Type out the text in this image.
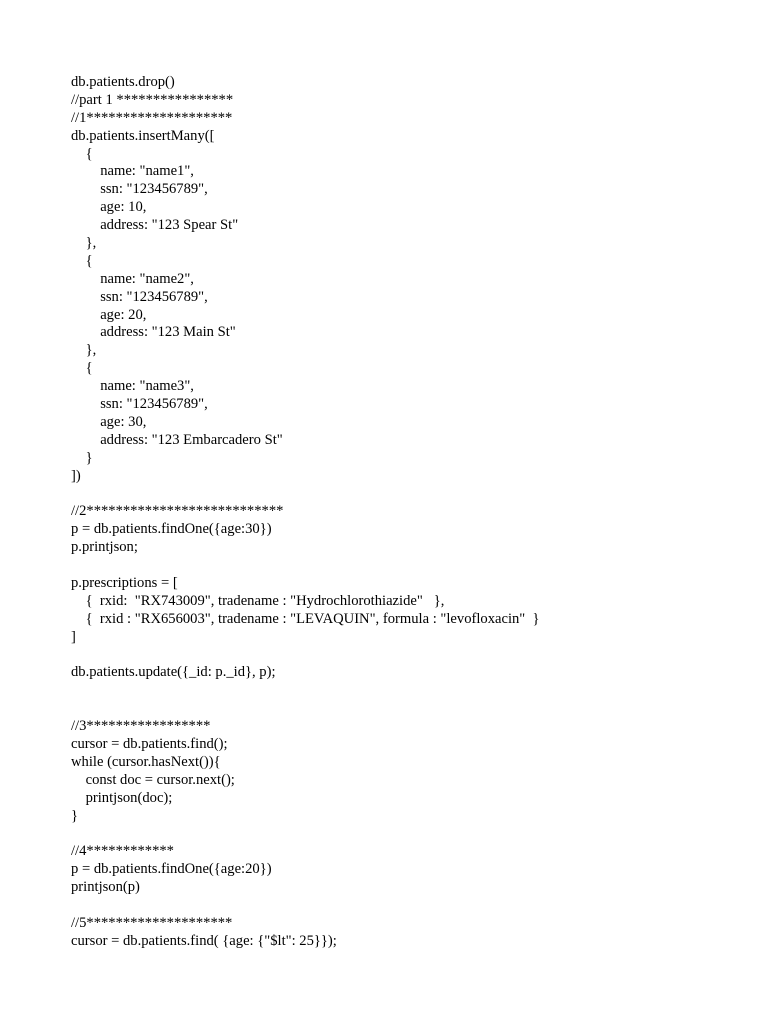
db.patients.drop()
//part 1 ****************
//1********************
db.patients.insertMany([
{
name: "name1",
ssn: "123456789",
age: 10,
address: "123 Spear St"
},
{
name: "name2",
ssn: "123456789",
age: 20,
address: "123 Main St"
},
{
name: "name3",
ssn: "123456789",
age: 30,
address: "123 Embarcadero St"
}
])
//2***************************
p = db.patients.findOne({age:30})
p.printjson;
p.prescriptions = [
{  rxid:  "RX743009", tradename : "Hydrochlorothiazide"   },
{  rxid : "RX656003", tradename : "LEVAQUIN", formula : "levofloxacin"  }
]
db.patients.update({_id: p._id}, p);
//3*****************
cursor = db.patients.find();
while (cursor.hasNext()){
const doc = cursor.next();
printjson(doc);
}
//4************
p = db.patients.findOne({age:20})
printjson(p)
//5********************
cursor = db.patients.find( {age: {"$lt": 25}});
